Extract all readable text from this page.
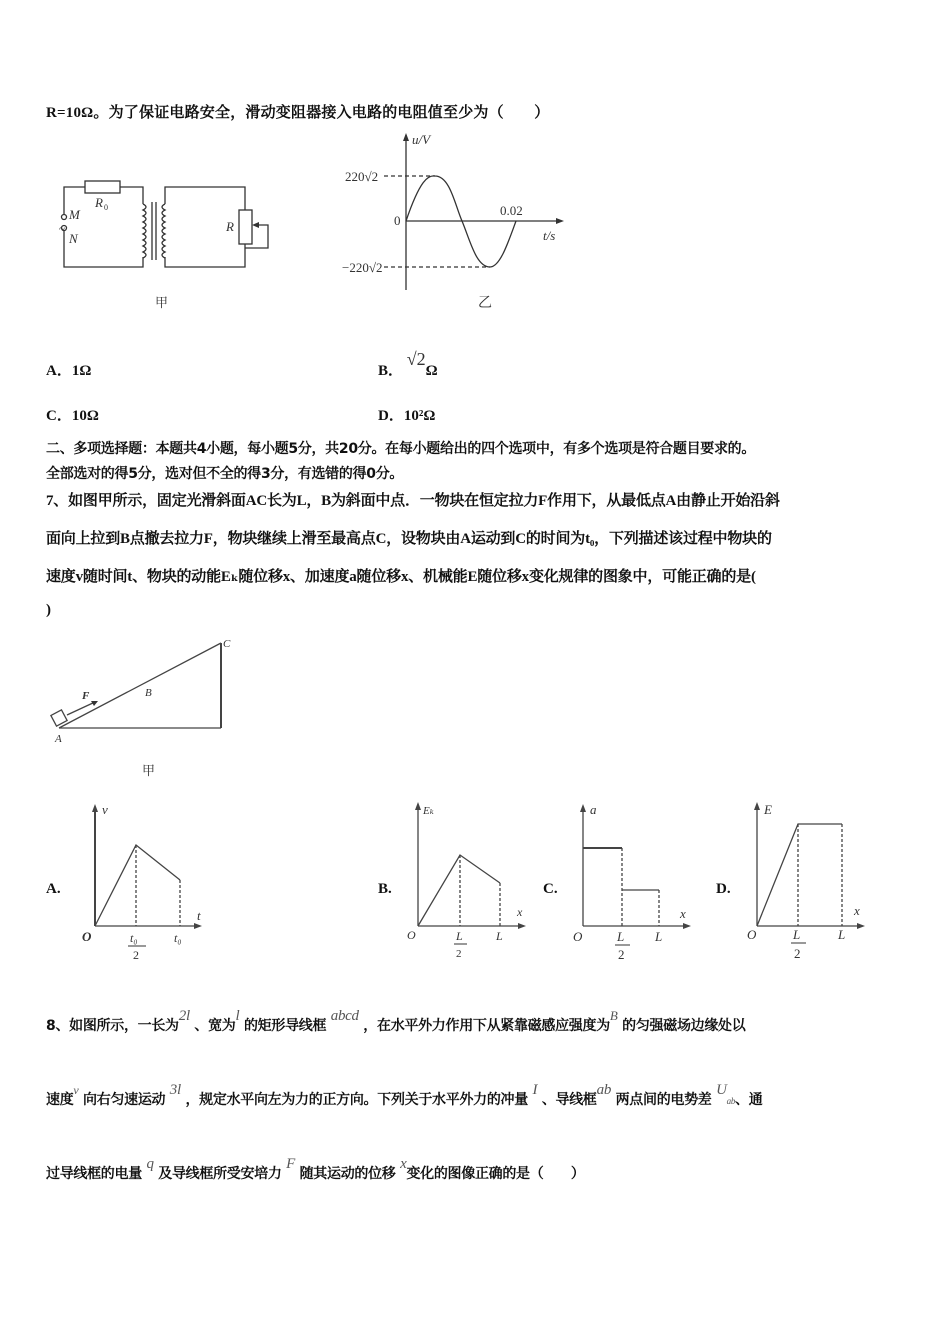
R=10Ω。为了保证电路安全，滑动变阻器接入电路的电阻值至少为（　　）
M
N
~
R 0
R
甲
u/V
220√2
0
0.02
t/s
−220√2
乙
A．1Ω	B． √2Ω
C．10Ω	D．10²Ω
二、多项选择题：本题共4小题，每小题5分，共20分。在每小题给出的四个选项中，有多个选项是符合题目要求的。
全部选对的得5分，选对但不全的得3分，有选错的得0分。
7、如图甲所示，固定光滑斜面AC长为L，B为斜面中点．一物块在恒定拉力F作用下，从最低点A由静止开始沿斜
面向上拉到B点撤去拉力F，物块继续上滑至最高点C，设物块由A运动到C的时间为t₀，下列描述该过程中物块的
速度v随时间t、物块的动能Eₖ随位移x、加速度a随位移x、机械能E随位移x变化规律的图象中，可能正确的是(
)
C
B
F
A
甲
A.
v
t
O	t₀
2
t₀
B.
Eₖ
x
O	L
2
L
C.
a
x
O	L
2
L
D.
E
x
O	L
2
L
8、如图所示，一长为2l 、宽为l 的矩形导线框 abcd ，在水平外力作用下从紧靠磁感应强度为B 的匀强磁场边缘处以
速度v 向右匀速运动 3l ，规定水平向左为力的正方向。下列关于水平外力的冲量 I 、导线框ab 两点间的电势差 Uab、通
过导线框的电量 q 及导线框所受安培力 F 随其运动的位移 x变化的图像正确的是（　　）
